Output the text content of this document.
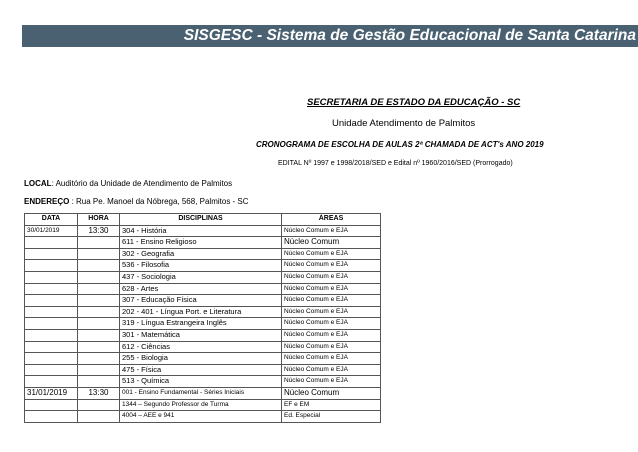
SISGESC - Sistema de Gestão Educacional de Santa Catarina
SECRETARIA DE ESTADO DA EDUCAÇÃO - SC
Unidade Atendimento de Palmitos
CRONOGRAMA DE ESCOLHA DE AULAS 2ª CHAMADA DE ACT's ANO 2019
EDITAL Nº 1997 e 1998/2018/SED e Edital nº 1960/2016/SED (Prorrogado)
LOCAL: Auditório da Unidade de Atendimento de Palmitos
ENDEREÇO : Rua Pe. Manoel da Nóbrega, 568, Palmitos - SC
DATA	HORA	DISCIPLINAS	ÁREAS
30/01/2019	13:30	304 - História	Núcleo Comum e EJA
		611 - Ensino Religioso	Núcleo Comum
		302 - Geografia	Núcleo Comum e EJA
		536 - Filosofia	Núcleo Comum e EJA
		437 - Sociologia	Núcleo Comum e EJA
		628 - Artes	Núcleo Comum e EJA
		307 - Educação Física	Núcleo Comum e EJA
		202 - 401 - Língua Port. e Literatura	Núcleo Comum e EJA
		319 - Língua Estrangeira Inglês	Núcleo Comum e EJA
		301 - Matemática	Núcleo Comum e EJA
		612 - Ciências	Núcleo Comum e EJA
		255 - Biologia	Núcleo Comum e EJA
		475 - Física	Núcleo Comum e EJA
		513 - Química	Núcleo Comum e EJA
31/01/2019	13:30	001 - Ensino Fundamental - Séries Iniciais	Núcleo Comum
		1344 – Segundo Professor de Turma	EF e EM
		4004 – AEE e 941	Ed. Especial
